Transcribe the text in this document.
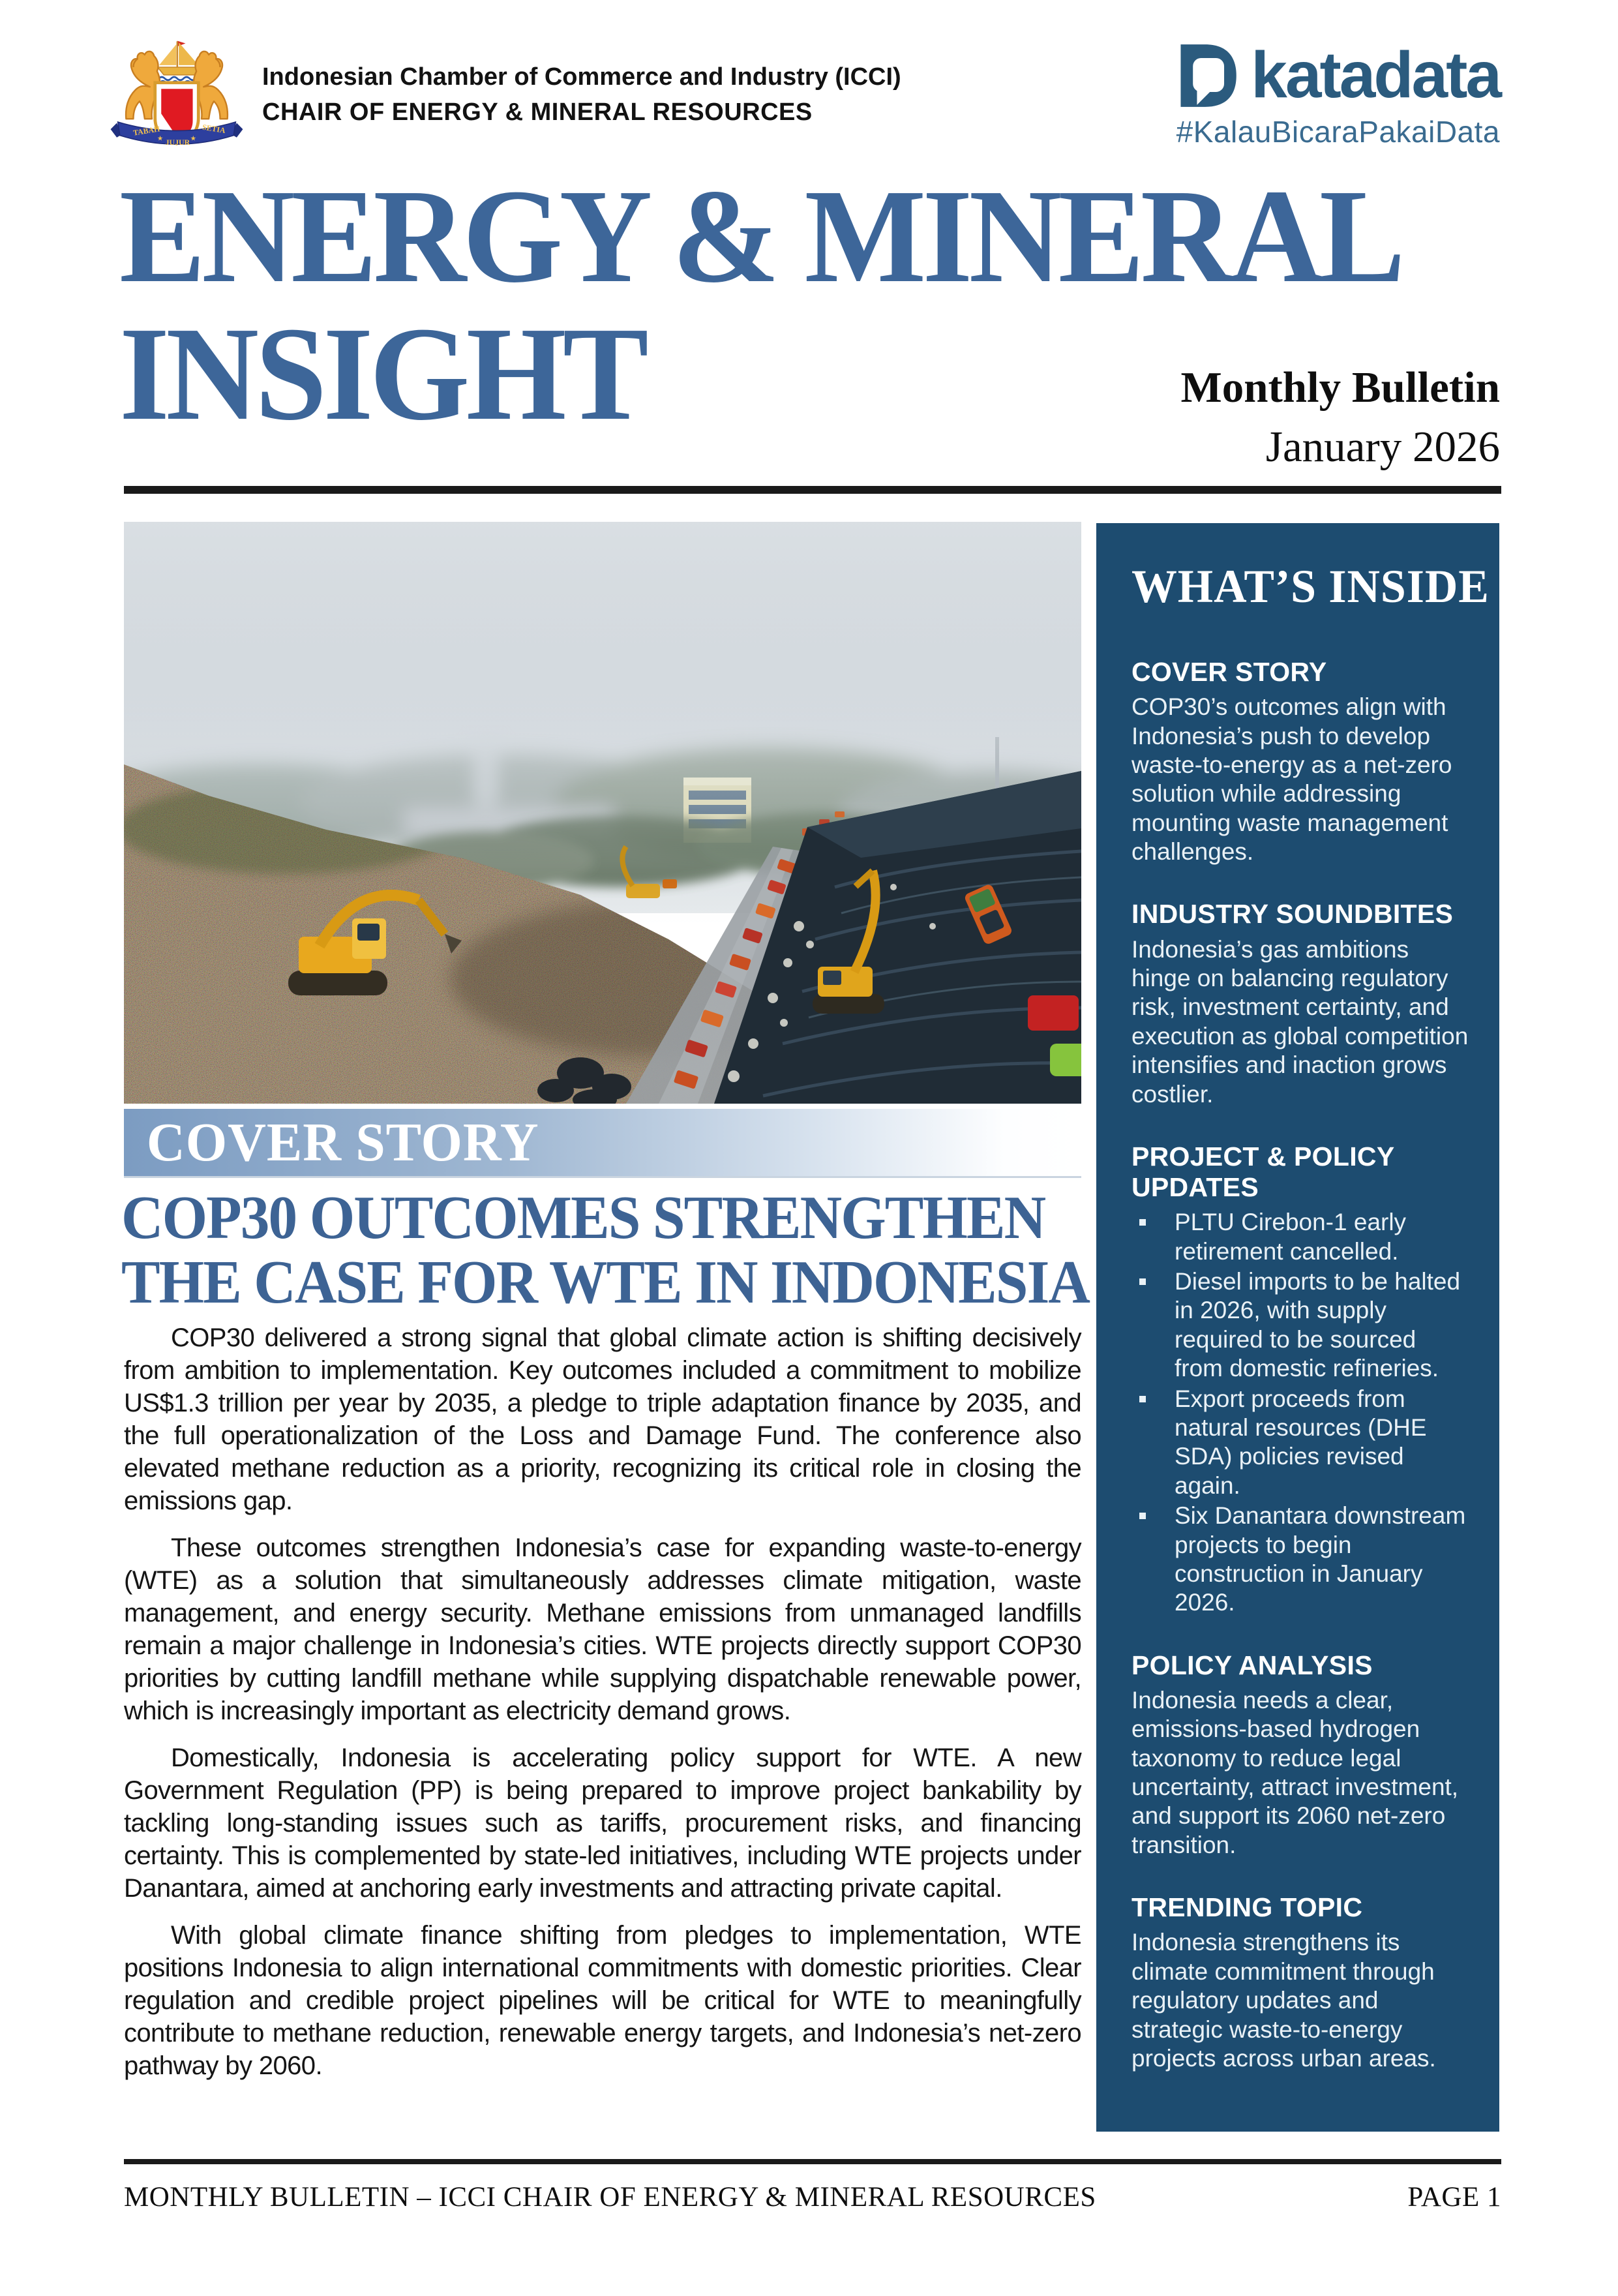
TABAH
★ JUJUR ★
SETIA
Indonesian Chamber of Commerce and Industry (ICCI)
CHAIR OF ENERGY & MINERAL RESOURCES
katadata
#KalauBicaraPakaiData
ENERGY & MINERAL
INSIGHT	Monthly Bulletin
January 2026
COVER STORY
COP30 OUTCOMES STRENGTHEN
THE CASE FOR WTE IN INDONESIA

COP30 delivered a strong signal that global climate action is shifting decisively from ambition to implementation. Key outcomes included a commitment to mobilize US$1.3 trillion per year by 2035, a pledge to triple adaptation finance by 2035, and the full operationalization of the Loss and Damage Fund. The conference also elevated methane reduction as a priority, recognizing its critical role in closing the emissions gap.

These outcomes strengthen Indonesia’s case for expanding waste-to-energy (WTE) as a solution that simultaneously addresses climate mitigation, waste management, and energy security. Methane emissions from unmanaged landfills remain a major challenge in Indonesia’s cities. WTE projects directly support COP30 priorities by cutting landfill methane while supplying dispatchable renewable power, which is increasingly important as electricity demand grows.

Domestically, Indonesia is accelerating policy support for WTE. A new Government Regulation (PP) is being prepared to improve project bankability by tackling long-standing issues such as tariffs, procurement risks, and financing certainty. This is complemented by state-led initiatives, including WTE projects under Danantara, aimed at anchoring early investments and attracting private capital.

With global climate finance shifting from pledges to implementation, WTE positions Indonesia to align international commitments with domestic priorities. Clear regulation and credible project pipelines will be critical for WTE to meaningfully contribute to methane reduction, renewable energy targets, and Indonesia’s net-zero pathway by 2060.

WHAT’S INSIDE
COVER STORY
COP30’s outcomes align with Indonesia’s push to develop waste-to-energy as a net-zero solution while addressing mounting waste management challenges.
INDUSTRY SOUNDBITES
Indonesia’s gas ambitions hinge on balancing regulatory risk, investment certainty, and execution as global competition intensifies and inaction grows costlier.
PROJECT & POLICY UPDATES
PLTU Cirebon-1 early retirement cancelled.
Diesel imports to be halted in 2026, with supply required to be sourced from domestic refineries.
Export proceeds from natural resources (DHE SDA) policies revised again.
Six Danantara downstream projects to begin construction in January 2026.
POLICY ANALYSIS
Indonesia needs a clear, emissions-based hydrogen taxonomy to reduce legal uncertainty, attract investment, and support its 2060 net-zero transition.
TRENDING TOPIC
Indonesia strengthens its climate commitment through regulatory updates and strategic waste-to-energy projects across urban areas.
MONTHLY BULLETIN – ICCI CHAIR OF ENERGY & MINERAL RESOURCES	PAGE 1
